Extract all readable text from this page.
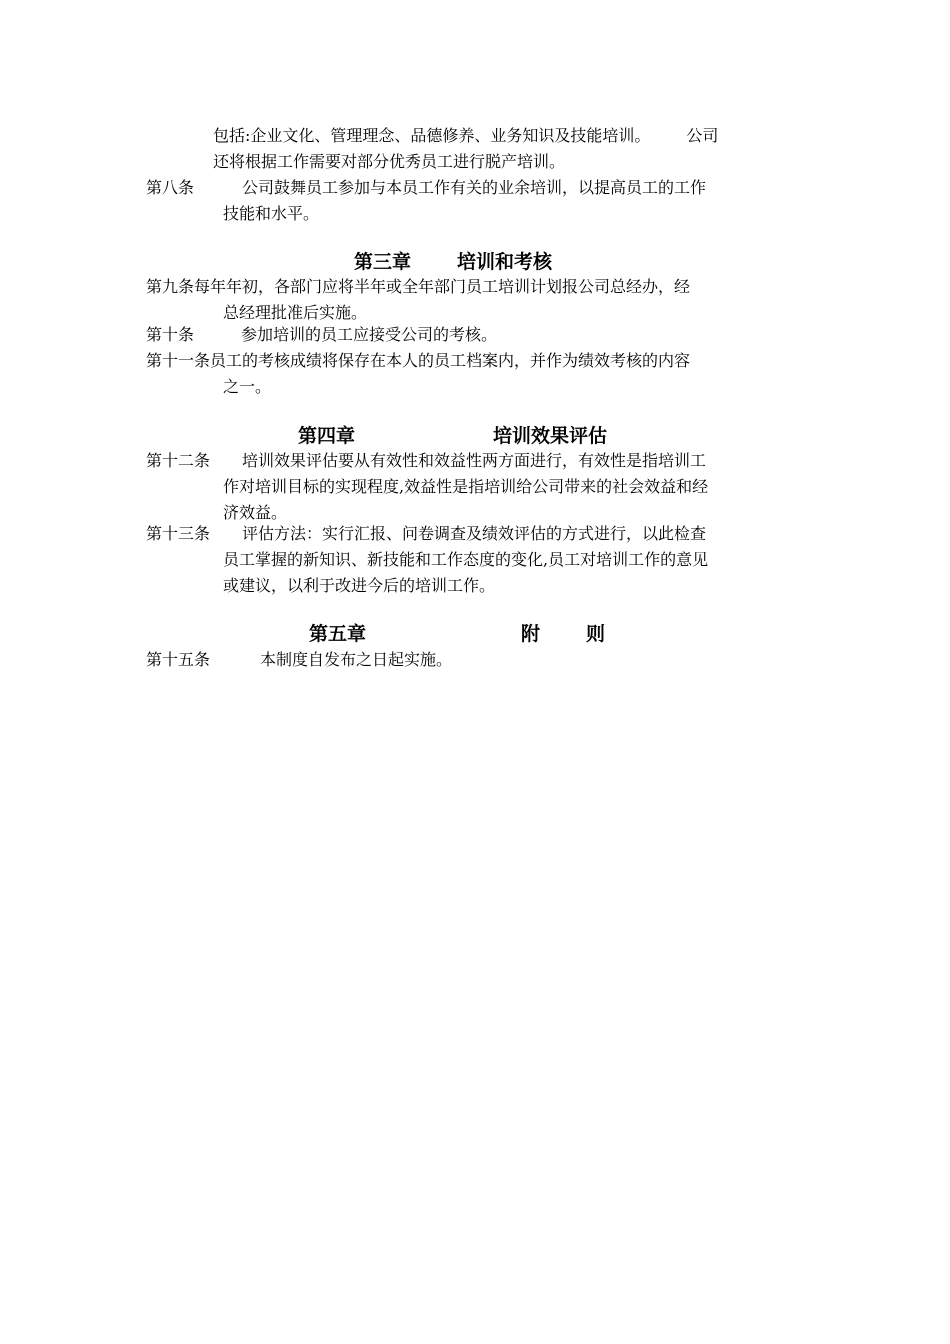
包括:企业文化、管理理念、品德修养、业务知识及技能培训。 公司
还将根据工作需要对部分优秀员工进行脱产培训。
第八条	公司鼓舞员工参加与本员工作有关的业余培训，以提高员工的工作
技能和水平。
第三章 培训和考核
第九条每年年初，各部门应将半年或全年部门员工培训计划报公司总经办，经
总经理批准后实施。
第十条	参加培训的员工应接受公司的考核。
第十一条员工的考核成绩将保存在本人的员工档案内，并作为绩效考核的内容
之一。
第四章	培训效果评估
第十二条	培训效果评估要从有效性和效益性两方面进行，有效性是指培训工
作对培训目标的实现程度,效益性是指培训给公司带来的社会效益和经
济效益。
第十三条	评估方法：实行汇报、问卷调查及绩效评估的方式进行，以此检查
员工掌握的新知识、新技能和工作态度的变化,员工对培训工作的意见
或建议，以利于改进今后的培训工作。
第五章	附 则
第十五条	本制度自发布之日起实施。
